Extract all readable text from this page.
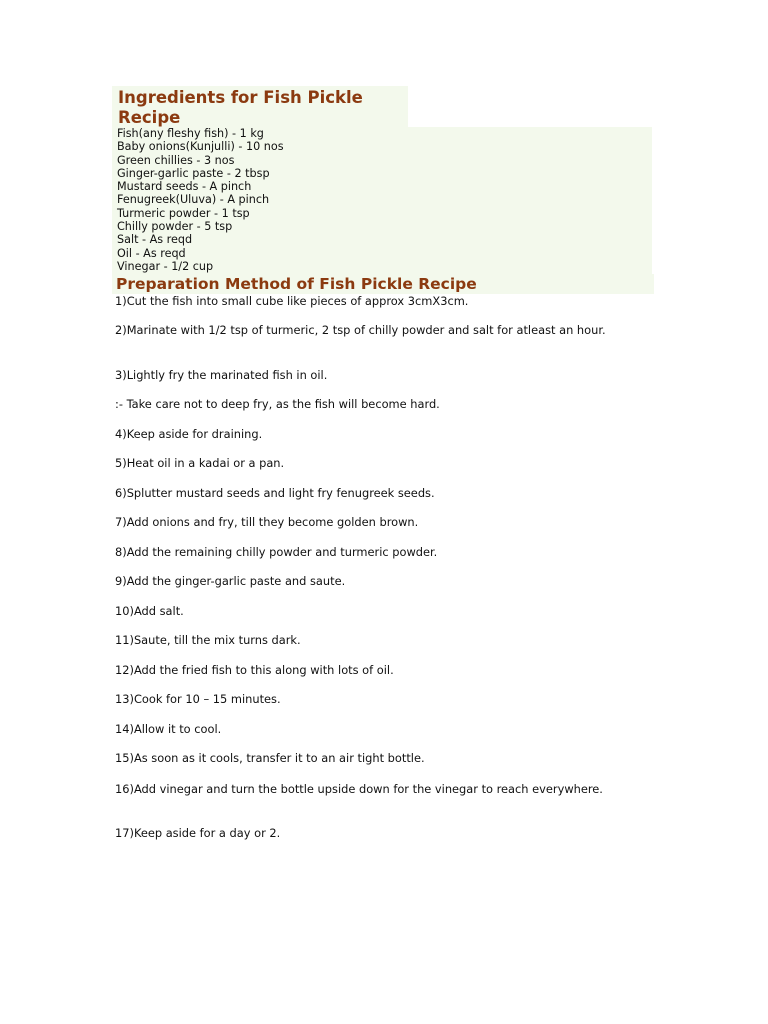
Ingredients for Fish Pickle Recipe
Fish(any fleshy fish) - 1 kg
Baby onions(Kunjulli) - 10 nos
Green chillies - 3 nos
Ginger-garlic paste - 2 tbsp
Mustard seeds - A pinch
Fenugreek(Uluva) - A pinch
Turmeric powder - 1 tsp
Chilly powder - 5 tsp
Salt - As reqd
Oil - As reqd
Vinegar - 1/2 cup
Preparation Method of Fish Pickle Recipe

1)Cut the fish into small cube like pieces of approx 3cmX3cm.

2)Marinate with 1/2 tsp of turmeric, 2 tsp of chilly powder and salt for atleast an hour.

3)Lightly fry the marinated fish in oil.

:- Take care not to deep fry, as the fish will become hard.

4)Keep aside for draining.

5)Heat oil in a kadai or a pan.

6)Splutter mustard seeds and light fry fenugreek seeds.

7)Add onions and fry, till they become golden brown.

8)Add the remaining chilly powder and turmeric powder.

9)Add the ginger-garlic paste and saute.

10)Add salt.

11)Saute, till the mix turns dark.

12)Add the fried fish to this along with lots of oil.

13)Cook for 10 – 15 minutes.

14)Allow it to cool.

15)As soon as it cools, transfer it to an air tight bottle.

16)Add vinegar and turn the bottle upside down for the vinegar to reach everywhere.

17)Keep aside for a day or 2.
